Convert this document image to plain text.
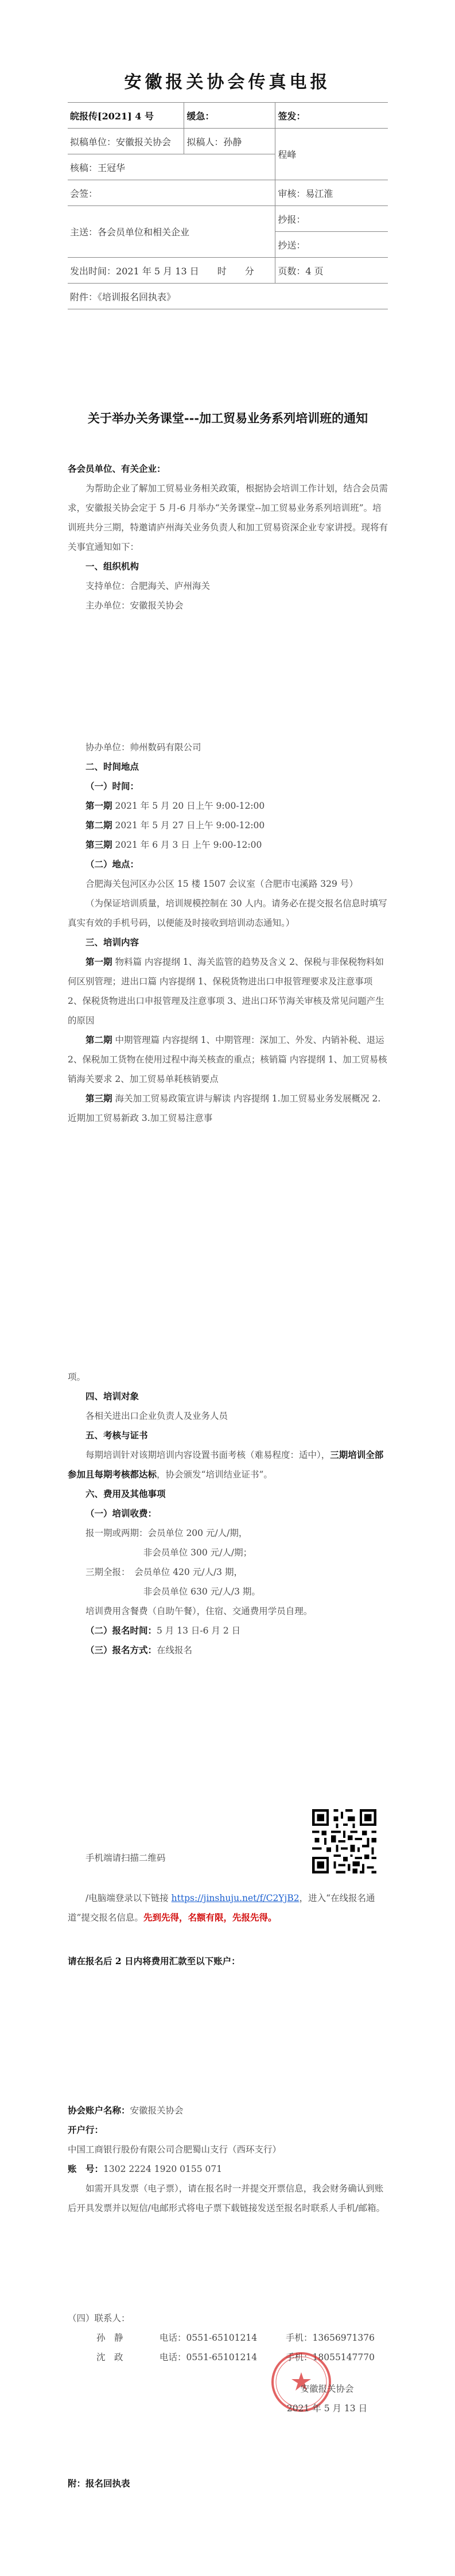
安徽报关协会传真电报
皖报传[2021] 4 号	缓急：	签发：
拟稿单位：安徽报关协会	拟稿人：孙静	程峰
核稿：王冠华		
会签：		审核：易江淮
主送：各会员单位和相关企业		抄报：
		抄送：
发出时间：2021 年 5 月 13 日　　时　　分		页数：4 页
附件：《培训报名回执表》		
关于举办关务课堂---加工贸易业务系列培训班的通知
各会员单位、有关企业：
为帮助企业了解加工贸易业务相关政策，根据协会培训工作计划，结合会员需求，安徽报关协会定于 5 月-6 月举办“关务课堂--加工贸易业务系列培训班”。培训班共分三期，特邀请庐州海关业务负责人和加工贸易资深企业专家讲授。现将有关事宜通知如下：
一、组织机构
支持单位：合肥海关、庐州海关
主办单位：安徽报关协会
协办单位：帅州数码有限公司
二、时间地点
（一）时间：
第一期 2021 年 5 月 20 日上午 9:00-12:00
第二期 2021 年 5 月 27 日上午 9:00-12:00
第三期 2021 年 6 月 3 日 上午 9:00-12:00
（二）地点：
合肥海关包河区办公区 15 楼 1507 会议室（合肥市屯溪路 329 号）
（为保证培训质量，培训规模控制在 30 人内。请务必在提交报名信息时填写真实有效的手机号码，以便能及时接收到培训动态通知。）
三、培训内容
第一期 物料篇 内容提纲 1、海关监管的趋势及含义 2、保税与非保税物料如何区别管理；进出口篇 内容提纲 1、保税货物进出口申报管理要求及注意事项 2、保税货物进出口申报管理及注意事项 3、进出口环节海关审核及常见问题产生的原因
第二期 中期管理篇 内容提纲 1、中期管理：深加工、外发、内销补税、退运 2、保税加工货物在使用过程中海关核查的重点；核销篇 内容提纲 1、加工贸易核销海关要求 2、加工贸易单耗核销要点
第三期 海关加工贸易政策宣讲与解读 内容提纲 1.加工贸易业务发展概况 2.近期加工贸易新政 3.加工贸易注意事
项。
四、培训对象
各相关进出口企业负责人及业务人员
五、考核与证书
每期培训针对该期培训内容设置书面考核（难易程度：适中），三期培训全部参加且每期考核都达标，协会颁发“培训结业证书”。
六、费用及其他事项
（一）培训收费：
报一期或两期：会员单位 200 元/人/期，
非会员单位 300 元/人/期；
三期全报：　 会员单位 420 元/人/3 期，
非会员单位 630 元/人/3 期。
培训费用含餐费（自助午餐），住宿、交通费用学员自理。
（二）报名时间：5 月 13 日-6 月 2 日
（三）报名方式：在线报名
手机端请扫描二维码
/电脑端登录以下链接 https://jinshuju.net/f/C2YjB2，进入“在线报名通道”提交报名信息。先到先得，名额有限，先报先得。
请在报名后 2 日内将费用汇款至以下账户：
协会账户名称：安徽报关协会
开户行：
中国工商银行股份有限公司合肥蜀山支行（西环支行）
账　号：1302 2224 1920 0155 071
如需开具发票（电子票），请在报名时一并提交开票信息，我会财务确认到账后开具发票并以短信/电邮形式将电子票下载链接发送至报名时联系人手机/邮箱。
（四）联系人：
孙　静	电话：0551-65101214	手机：13656971376
沈　政	电话：0551-65101214	手机：18055147770
安徽报关协会
2021 年 5 月 13 日
附：报名回执表
